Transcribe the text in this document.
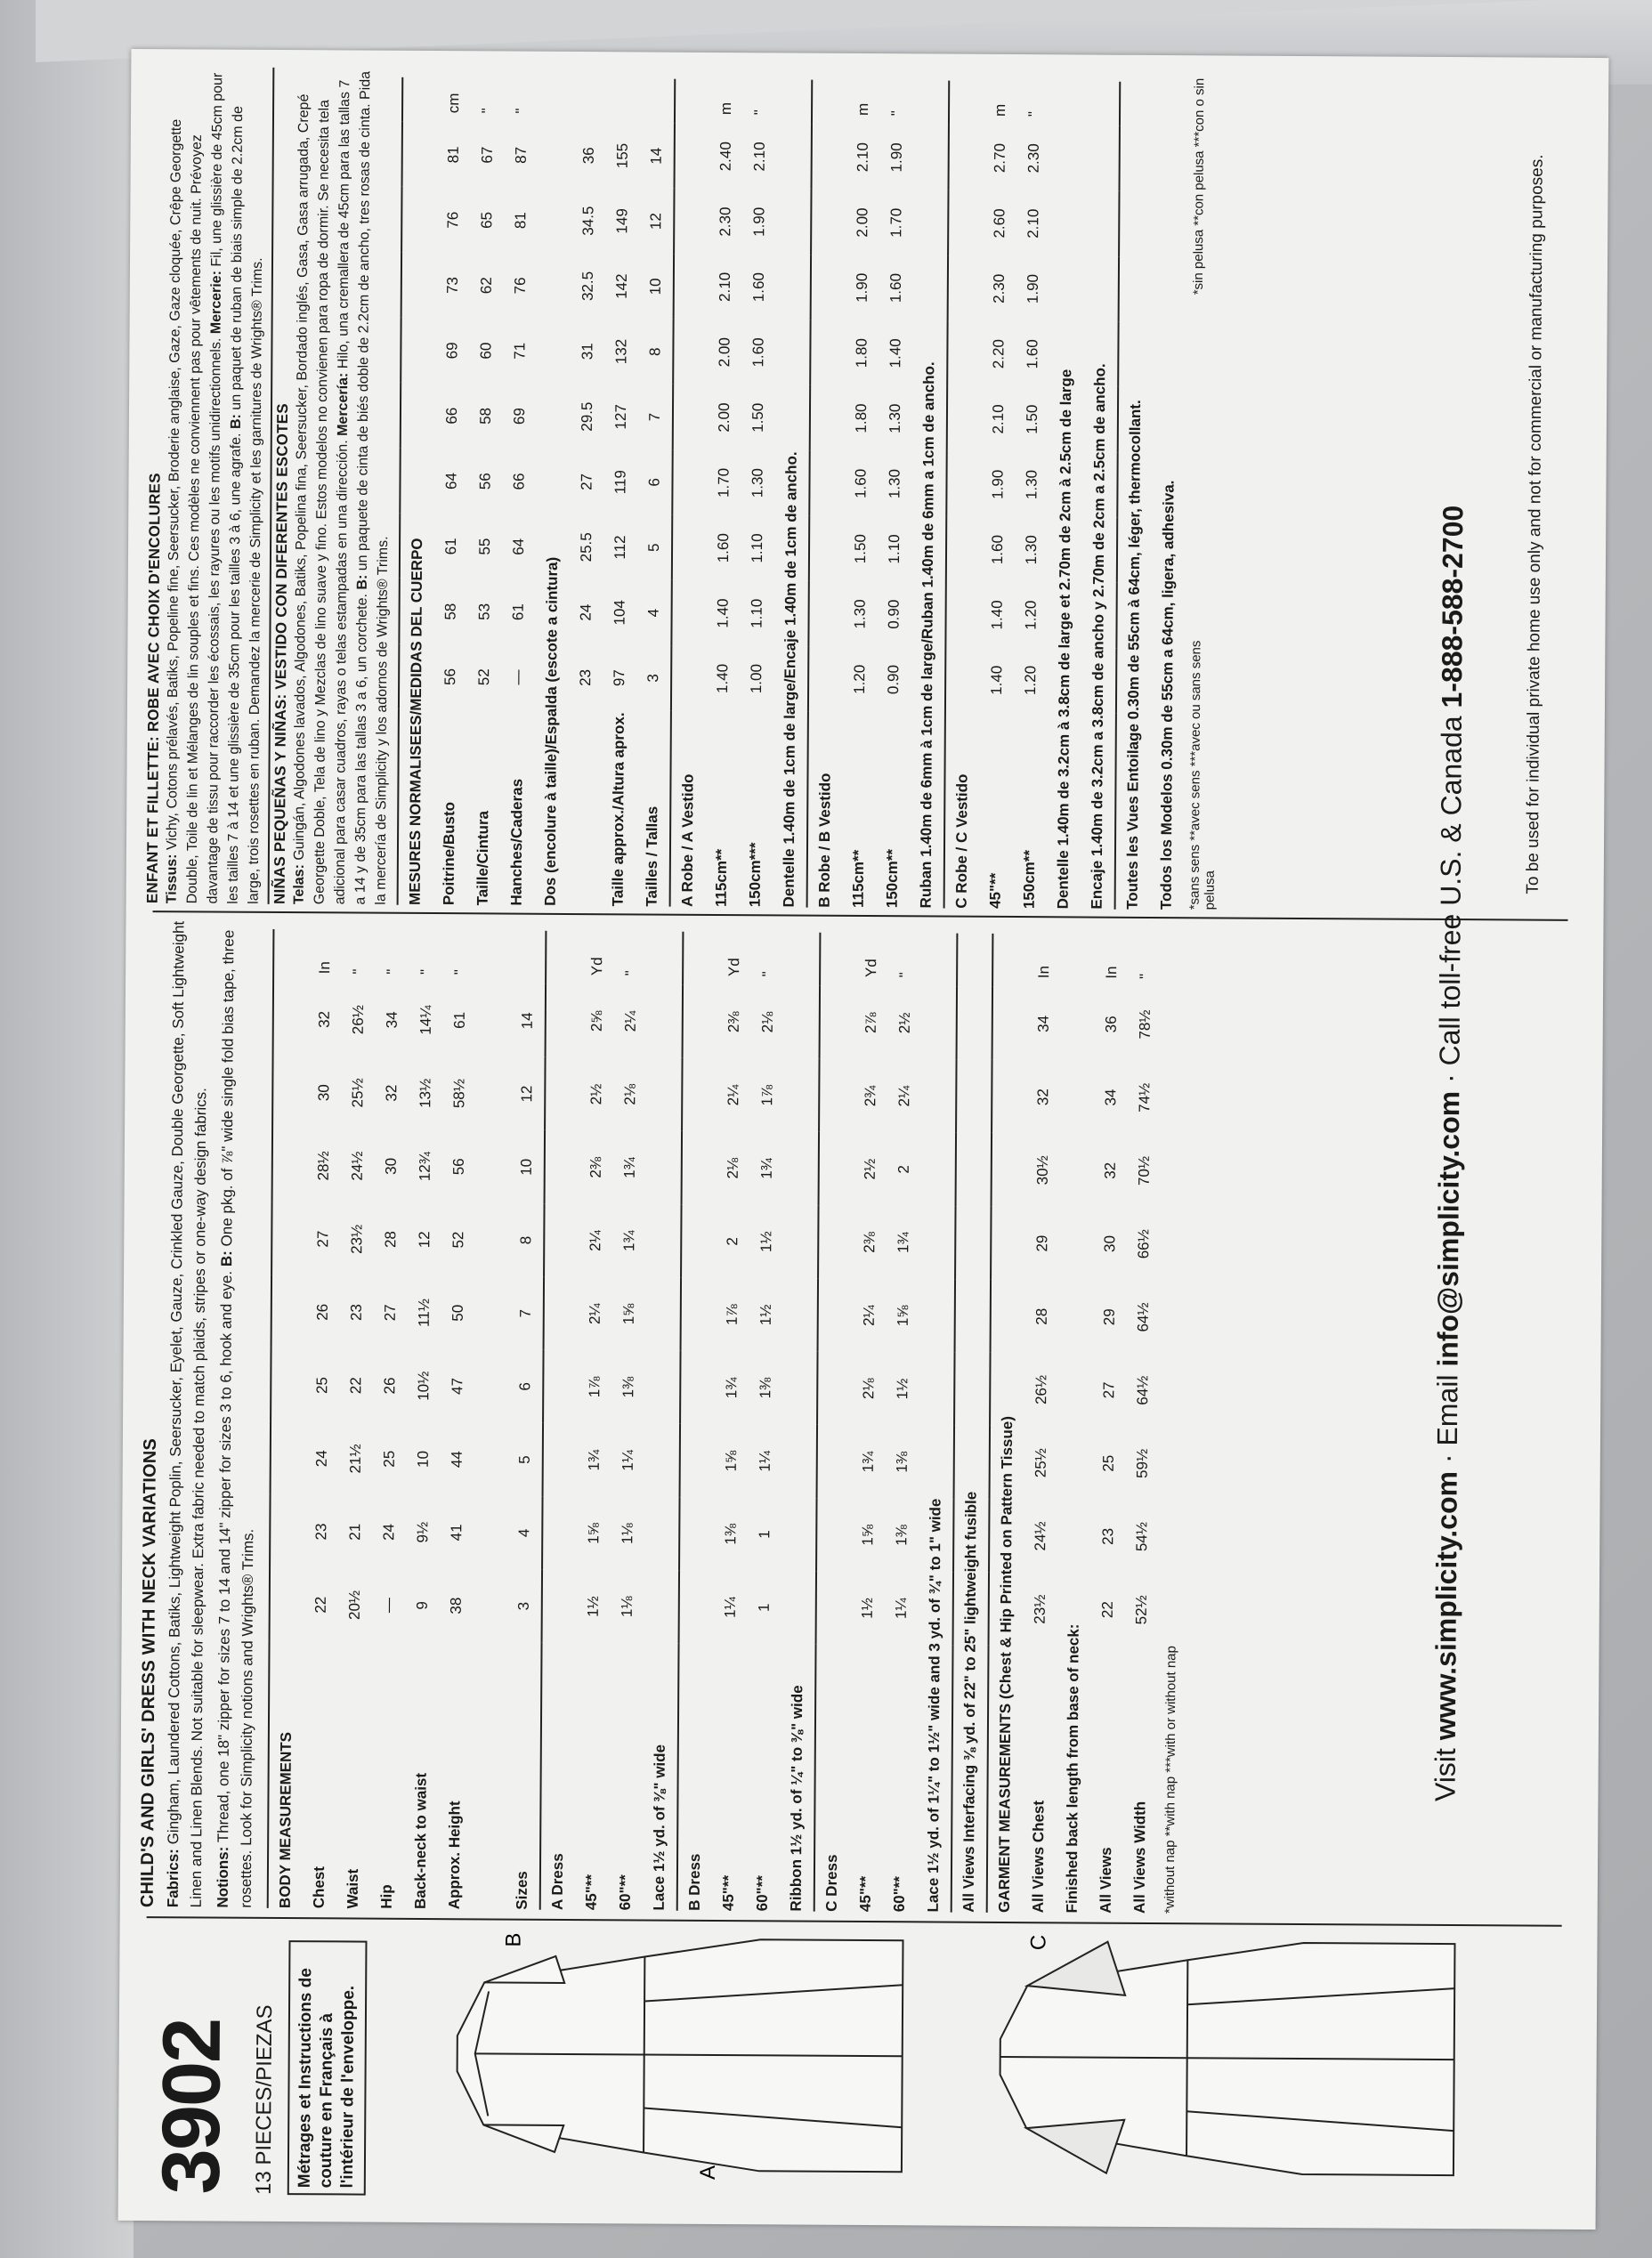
3902 13 PIECES/PIEZAS	Métrages et Instructions de couture en Français à l'intérieur de l'enveloppe.	A
B	C
CHILD'S AND GIRLS' DRESS WITH NECK VARIATIONS Fabrics: Gingham, Laundered Cottons, Batiks, Lightweight Poplin, Seersucker, Eyelet, Gauze, Crinkled Gauze, Double Georgette, Soft Lightweight Linen and Linen Blends. Not suitable for sleepwear. Extra fabric needed to match plaids, stripes or one-way design fabrics. Notions: Thread, one 18" zipper for sizes 7 to 14 and 14" zipper for sizes 3 to 6, hook and eye. B: One pkg. of ⅞" wide single fold bias tape, three rosettes. Look for Simplicity notions and Wrights® Trims.	BODY MEASUREMENTS										
Chest	22	23	24	25	26	27	28½	30	32	In
Waist	20½	21	21½	22	23	23½	24½	25½	26½	"
Hip	—	24	25	26	27	28	30	32	34	"
Back-neck to waist	9	9½	10	10½	11½	12	12¾	13½	14¼	"
Approx. Height	38	41	44	47	50	52	56	58½	61	"

Sizes	3	4	5	6	7	8	10	12	14	
A Dress										
45"**	1½	1⅝	1¾	1⅞	2¼	2¼	2⅜	2½	2⅝	Yd
60"**	1⅛	1⅛	1¼	1⅜	1⅝	1¾	1¾	2⅛	2¼	"
Lace 1½ yd. of ⅜" wide										
B Dress										
45"**	1¼	1⅜	1⅝	1¾	1⅞	2	2⅛	2¼	2⅜	Yd
60"**	1	1	1¼	1⅜	1½	1½	1¾	1⅞	2⅛	"
Ribbon 1½ yd. of ¼" to ⅜" wide										
C Dress										
45"**	1½	1⅝	1¾	2⅛	2¼	2⅜	2½	2¾	2⅞	Yd
60"**	1¼	1⅜	1⅜	1½	1⅝	1¾	2	2¼	2½	"
Lace 1½ yd. of 1¼" to 1½" wide and 3 yd. of ¾" to 1" wide										
All Views Interfacing ⅜ yd. of 22" to 25" lightweight fusible										
GARMENT MEASUREMENTS (Chest & Hip Printed on Pattern Tissue)										
All Views Chest	23½	24½	25½	26½	28	29	30½	32	34	In
Finished back length from base of neck:										
All Views	22	23	25	27	29	30	32	34	36	In
All Views Width	52½	54½	59½	64½	64½	66½	70½	74½	78½	"
*without nap **with nap ***with or without nap
ENFANT ET FILLETTE: ROBE AVEC CHOIX D'ENCOLURES Tissus: Vichy, Cotons prélavés, Batiks, Popeline fine, Seersucker, Broderie anglaise, Gaze, Gaze cloquée, Crêpe Georgette Double, Toile de lin et Mélanges de lin souples et fins. Ces modèles ne conviennent pas pour vêtements de nuit. Prévoyez davantage de tissu pour raccorder les écossais, les rayures ou les motifs unidirectionnels. Mercerie: Fil, une glissière de 45cm pour les tailles 7 à 14 et une glissière de 35cm pour les tailles 3 à 6, une agrafe. B: un paquet de ruban de biais simple de 2.2cm de large, trois rosettes en ruban. Demandez la mercerie de Simplicity et les garnitures de Wrights® Trims. NIÑAS PEQUEÑAS Y NIÑAS: VESTIDO CON DIFERENTES ESCOTES Telas: Guingán, Algodones lavados, Algodones, Batiks, Popelina fina, Seersucker, Bordado inglés, Gasa, Gasa arrugada, Crepé Georgette Doble, Tela de lino y Mezclas de lino suave y fino. Estos modelos no convienen para ropa de dormir. Se necesita tela adicional para casar cuadros, rayas o telas estampadas en una dirección. Mercería: Hilo, una cremallera de 45cm para las tallas 7 a 14 y de 35cm para las tallas 3 a 6, un corchete. B: un paquete de cinta de biés doble de 2.2cm de ancho, tres rosas de cinta. Pida la mercería de Simplicity y los adornos de Wrights® Trims.	MESURES NORMALISEES/MEDIDAS DEL CUERPO										
Poitrine/Busto	56	58	61	64	66	69	73	76	81	cm
Taille/Cintura	52	53	55	56	58	60	62	65	67	"
Hanches/Caderas	—	61	64	66	69	71	76	81	87	"
Dos (encolure à taille)/Espalda (escote a cintura)										
	23	24	25.5	27	29.5	31	32.5	34.5	36	
Taille approx./Altura aprox.	97	104	112	119	127	132	142	149	155	
Tailles / Tallas	3	4	5	6	7	8	10	12	14	
A Robe / A Vestido										
115cm**	1.40	1.40	1.60	1.70	2.00	2.00	2.10	2.30	2.40	m
150cm***	1.00	1.10	1.10	1.30	1.50	1.60	1.60	1.90	2.10	"
Dentelle 1.40m de 1cm de large/Encaje 1.40m de 1cm de ancho.										
B Robe / B Vestido										
115cm**	1.20	1.30	1.50	1.60	1.80	1.80	1.90	2.00	2.10	m
150cm**	0.90	0.90	1.10	1.30	1.30	1.40	1.60	1.70	1.90	"
Ruban 1.40m de 6mm à 1cm de large/Ruban 1.40m de 6mm a 1cm de ancho.										
C Robe / C Vestido										
45"**	1.40	1.40	1.60	1.90	2.10	2.20	2.30	2.60	2.70	m
150cm**	1.20	1.20	1.30	1.30	1.50	1.60	1.90	2.10	2.30	"
Dentelle 1.40m de 3.2cm à 3.8cm de large et 2.70m de 2cm à 2.5cm de large										
Encaje 1.40m de 3.2cm a 3.8cm de ancho y 2.70m de 2cm a 2.5cm de ancho.										
Toutes les Vues Entoilage 0.30m de 55cm à 64cm, léger, thermocollant.										
Todos los Modelos 0.30m de 55cm a 64cm, ligera, adhesiva.										*sans sens **avec sens ***avec ou sans sens  *sin pelusa **con pelusa ***con o sin pelusa
Visit www.simplicity.com · Email info@simplicity.com · Call toll-free U.S. & Canada 1-888-588-2700	To be used for individual private home use only and not for commercial or manufacturing purposes.
